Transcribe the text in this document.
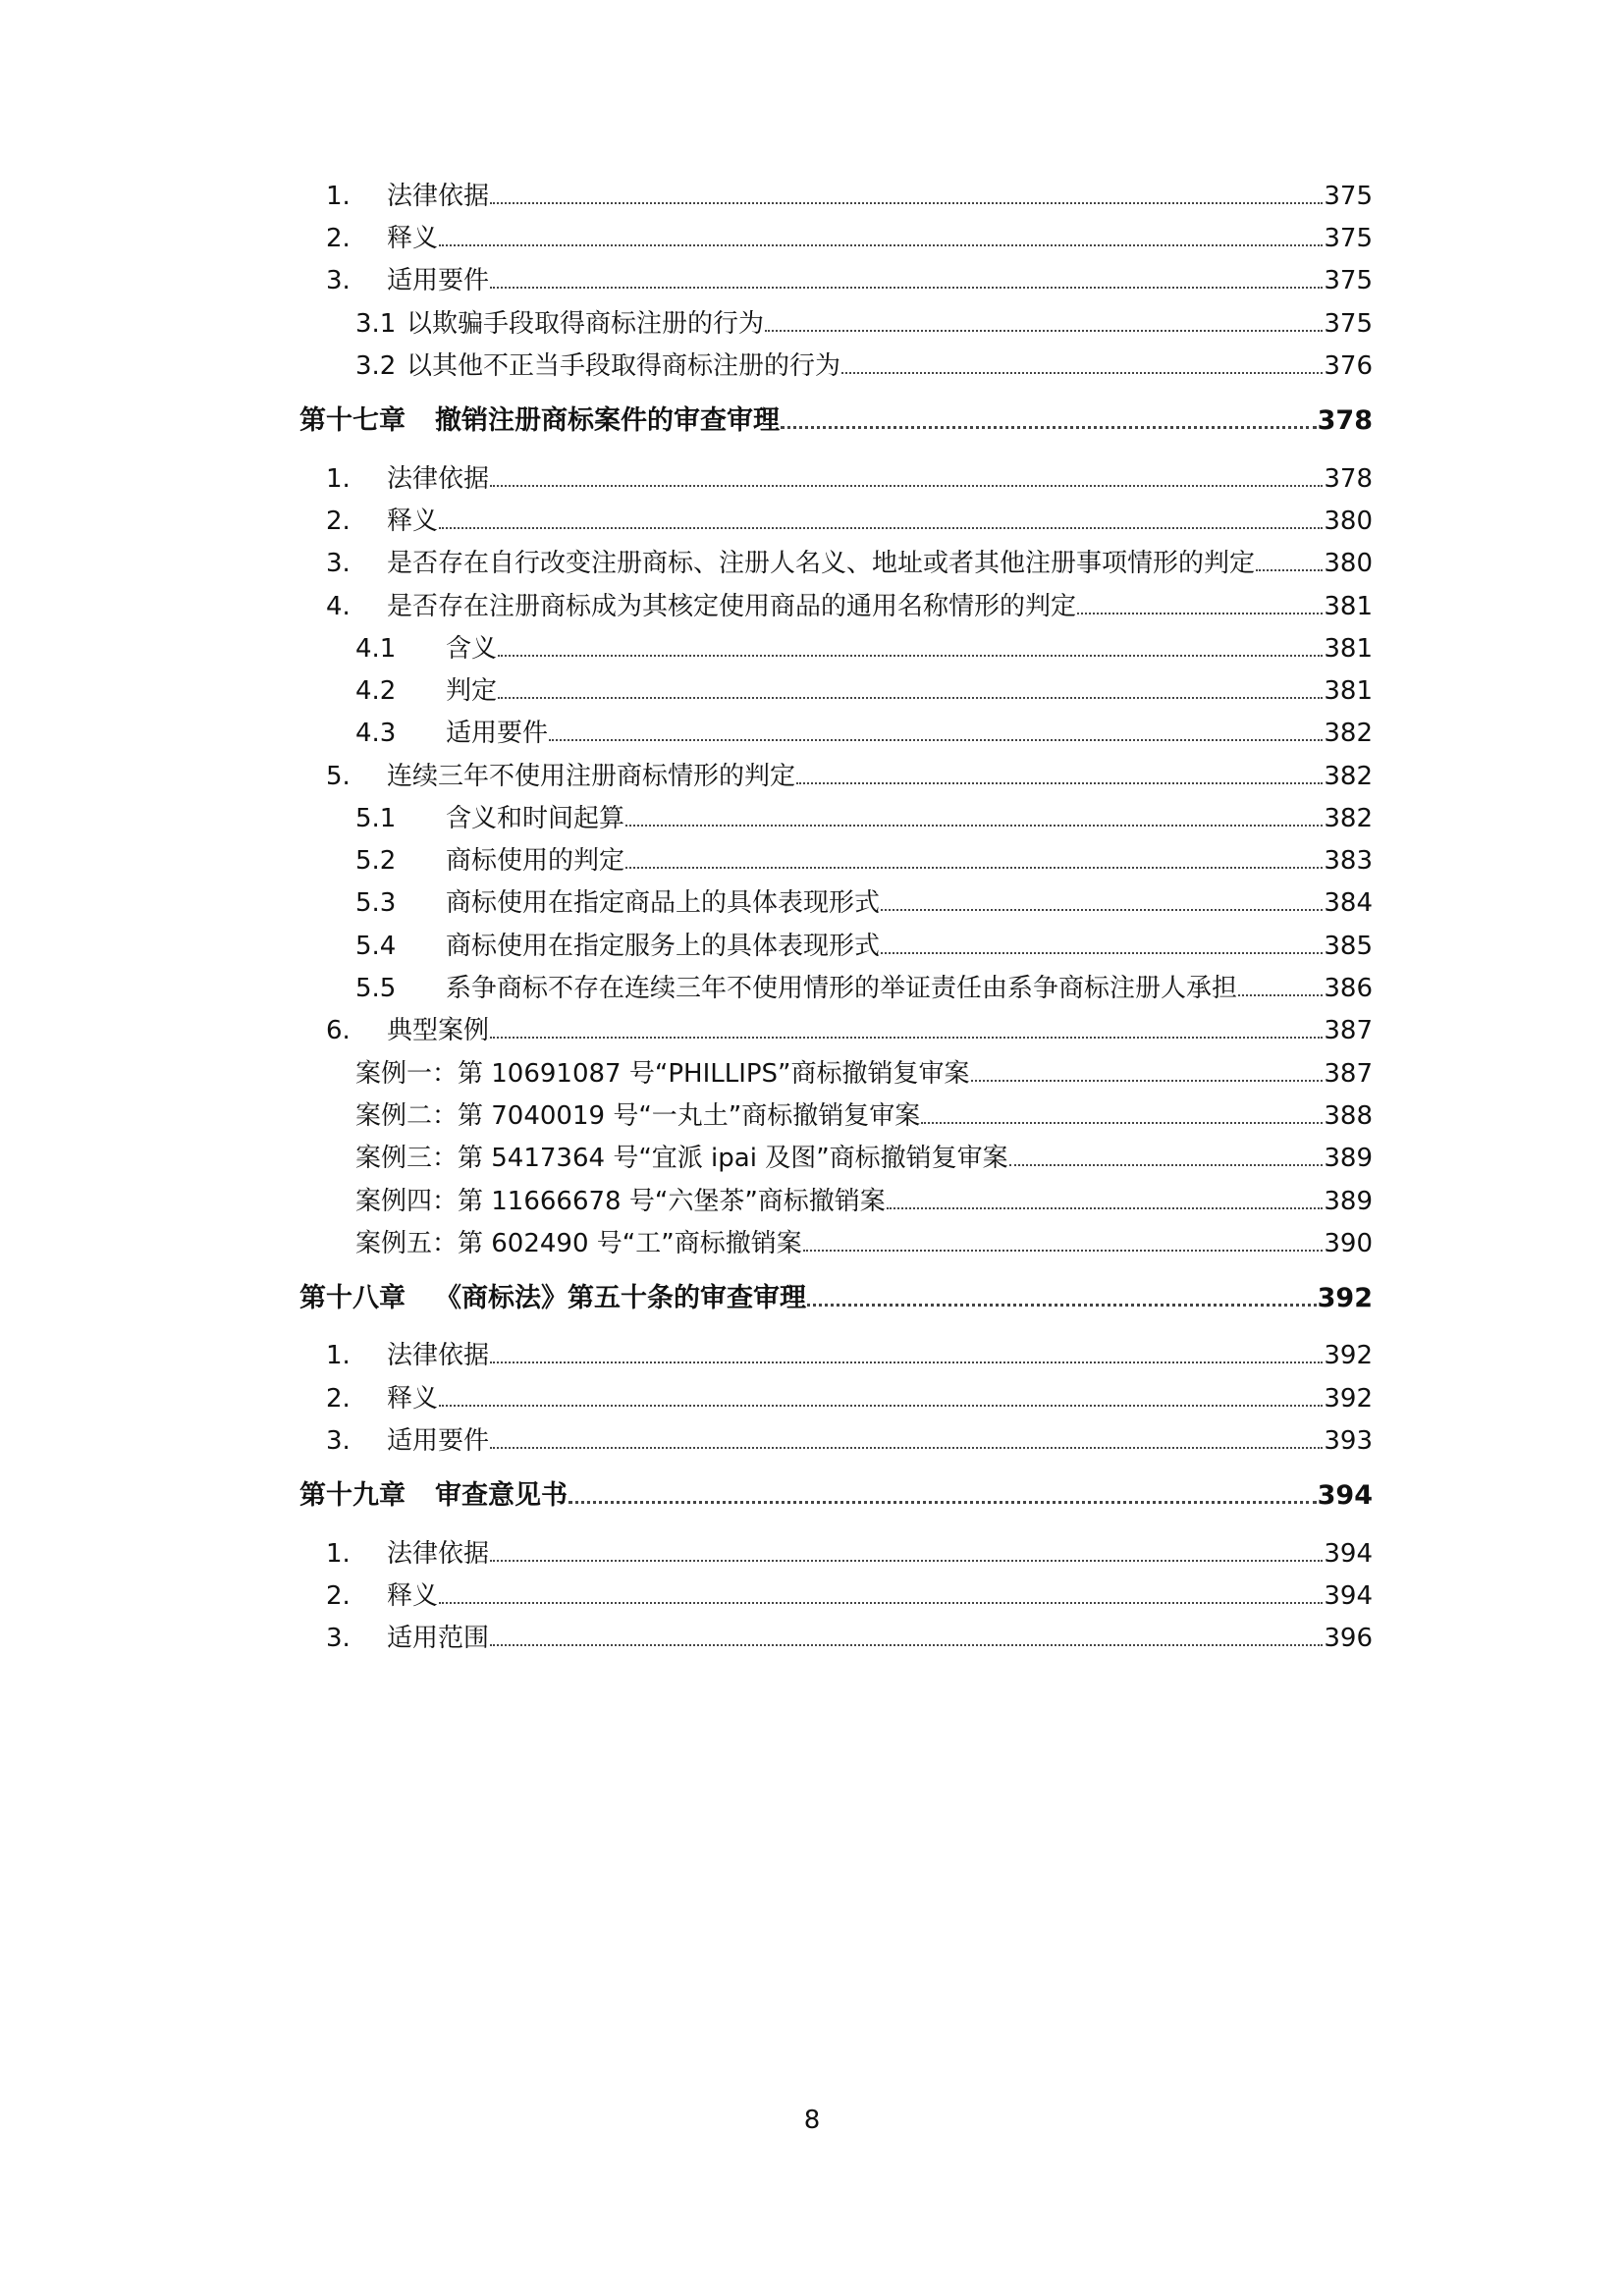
1.	法律依据	375
2.	释义	375
3.	适用要件	375
3.1 以欺骗手段取得商标注册的行为	375
3.2 以其他不正当手段取得商标注册的行为	376
第十七章 撤销注册商标案件的审查审理	378
1.	法律依据	378
2.	释义	380
3.	是否存在自行改变注册商标、注册人名义、地址或者其他注册事项情形的判定	380
4.	是否存在注册商标成为其核定使用商品的通用名称情形的判定	381
4.1	含义	381
4.2	判定	381
4.3	适用要件	382
5.	连续三年不使用注册商标情形的判定	382
5.1	含义和时间起算	382
5.2	商标使用的判定	383
5.3	商标使用在指定商品上的具体表现形式	384
5.4	商标使用在指定服务上的具体表现形式	385
5.5	系争商标不存在连续三年不使用情形的举证责任由系争商标注册人承担	386
6.	典型案例	387
案例一：第 10691087 号“PHILLIPS”商标撤销复审案	387
案例二：第 7040019 号“一丸土”商标撤销复审案	388
案例三：第 5417364 号“宜派 ipai 及图”商标撤销复审案	389
案例四：第 11666678 号“六堡茶”商标撤销案	389
案例五：第 602490 号“工”商标撤销案	390
第十八章 《商标法》第五十条的审查审理	392
1.	法律依据	392
2.	释义	392
3.	适用要件	393
第十九章 审查意见书	394
1.	法律依据	394
2.	释义	394
3.	适用范围	396
8
